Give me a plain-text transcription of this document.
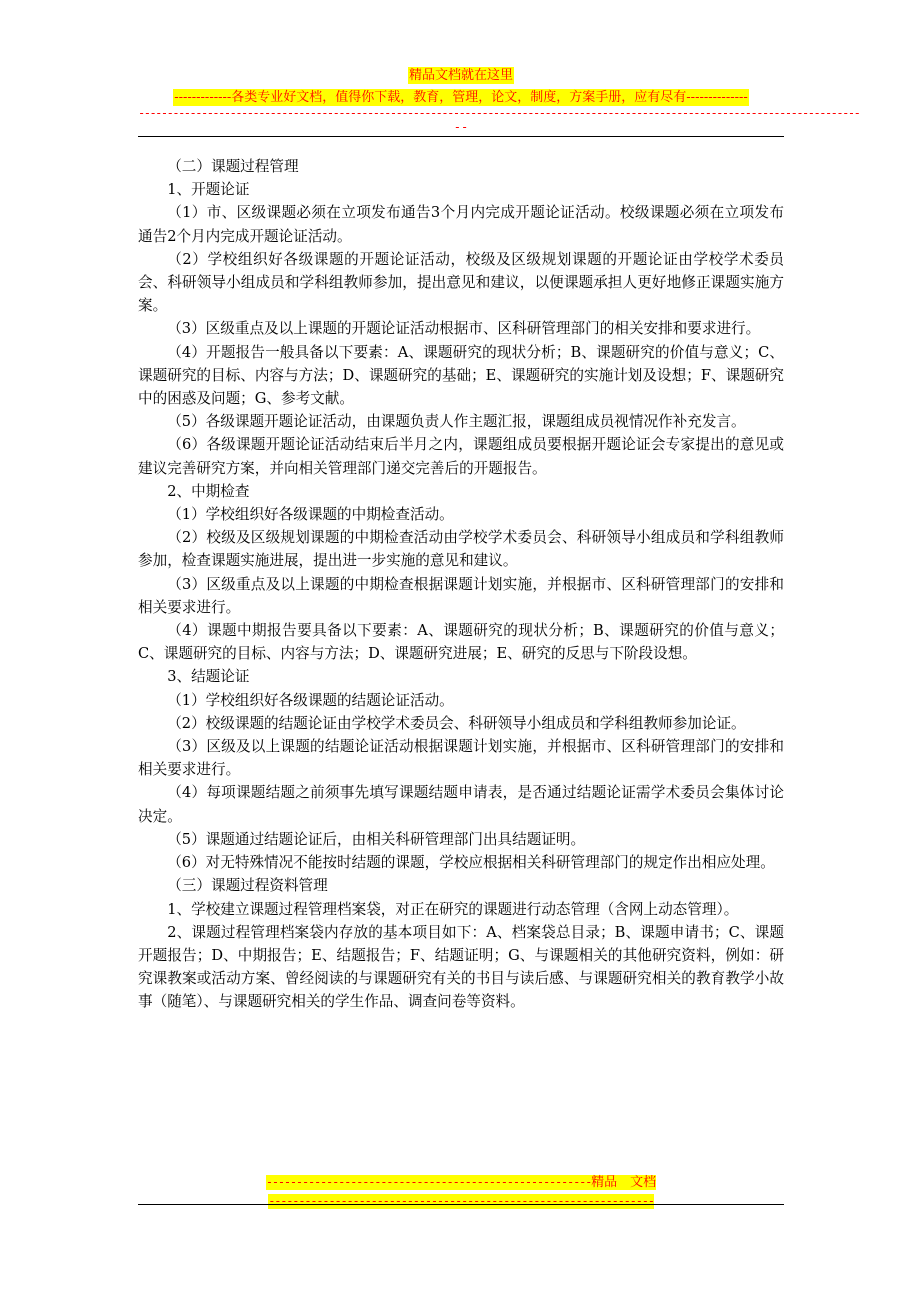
精品文档就在这里
-------------各类专业好文档，值得你下载，教育，管理，论文，制度，方案手册，应有尽有--------------
------------------------------------------------------------------------------------------------------------------------------
--

（二）课题过程管理

1、开题论证

（1）市、区级课题必须在立项发布通告3个月内完成开题论证活动。校级课题必须在立项发布通告2个月内完成开题论证活动。

（2）学校组织好各级课题的开题论证活动，校级及区级规划课题的开题论证由学校学术委员会、科研领导小组成员和学科组教师参加，提出意见和建议，以便课题承担人更好地修正课题实施方案。

（3）区级重点及以上课题的开题论证活动根据市、区科研管理部门的相关安排和要求进行。

（4）开题报告一般具备以下要素：A、课题研究的现状分析；B、课题研究的价值与意义；C、课题研究的目标、内容与方法；D、课题研究的基础；E、课题研究的实施计划及设想；F、课题研究中的困惑及问题；G、参考文献。

（5）各级课题开题论证活动，由课题负责人作主题汇报，课题组成员视情况作补充发言。

（6）各级课题开题论证活动结束后半月之内，课题组成员要根据开题论证会专家提出的意见或建议完善研究方案，并向相关管理部门递交完善后的开题报告。

2、中期检查

（1）学校组织好各级课题的中期检查活动。

（2）校级及区级规划课题的中期检查活动由学校学术委员会、科研领导小组成员和学科组教师参加，检查课题实施进展，提出进一步实施的意见和建议。

（3）区级重点及以上课题的中期检查根据课题计划实施，并根据市、区科研管理部门的安排和相关要求进行。

（4）课题中期报告要具备以下要素：A、课题研究的现状分析；B、课题研究的价值与意义；C、课题研究的目标、内容与方法；D、课题研究进展；E、研究的反思与下阶段设想。

3、结题论证

（1）学校组织好各级课题的结题论证活动。

（2）校级课题的结题论证由学校学术委员会、科研领导小组成员和学科组教师参加论证。

（3）区级及以上课题的结题论证活动根据课题计划实施，并根据市、区科研管理部门的安排和相关要求进行。

（4）每项课题结题之前须事先填写课题结题申请表，是否通过结题论证需学术委员会集体讨论决定。

（5）课题通过结题论证后，由相关科研管理部门出具结题证明。

（6）对无特殊情况不能按时结题的课题，学校应根据相关科研管理部门的规定作出相应处理。

（三）课题过程资料管理

1、学校建立课题过程管理档案袋，对正在研究的课题进行动态管理（含网上动态管理）。

2、课题过程管理档案袋内存放的基本项目如下：A、档案袋总目录；B、课题申请书；C、课题开题报告；D、中期报告；E、结题报告；F、结题证明；G、与课题相关的其他研究资料，例如：研究课教案或活动方案、曾经阅读的与课题研究有关的书目与读后感、与课题研究相关的教育教学小故事（随笔）、与课题研究相关的学生作品、调查问卷等资料。

------------------------------------------------------精品　文档
----------------------------------------------------------------
